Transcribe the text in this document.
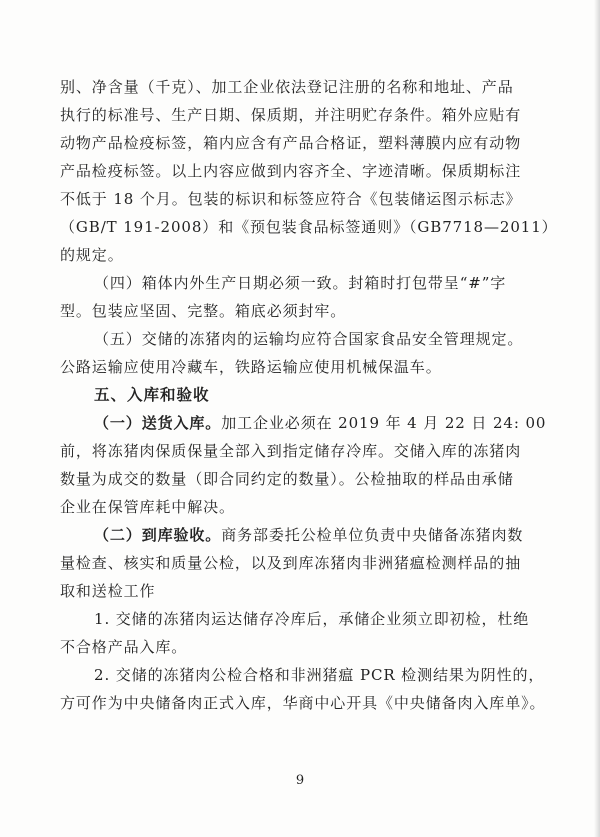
别、净含量（千克）、加工企业依法登记注册的名称和地址、产品
执行的标准号、生产日期、保质期，并注明贮存条件。箱外应贴有
动物产品检疫标签，箱内应含有产品合格证，塑料薄膜内应有动物
产品检疫标签。以上内容应做到内容齐全、字迹清晰。保质期标注
不低于 18 个月。包装的标识和标签应符合《包装储运图示标志》
（GB/T 191-2008）和《预包装食品标签通则》（GB7718—2011）
的规定。

（四）箱体内外生产日期必须一致。封箱时打包带呈“#”字
型。包装应坚固、完整。箱底必须封牢。

（五）交储的冻猪肉的运输均应符合国家食品安全管理规定。
公路运输应使用冷藏车，铁路运输应使用机械保温车。

五、入库和验收

（一）送货入库。加工企业必须在 2019 年 4 月 22 日 24: 00
前，将冻猪肉保质保量全部入到指定储存冷库。交储入库的冻猪肉
数量为成交的数量（即合同约定的数量）。公检抽取的样品由承储
企业在保管库耗中解决。

（二）到库验收。商务部委托公检单位负责中央储备冻猪肉数
量检查、核实和质量公检，以及到库冻猪肉非洲猪瘟检测样品的抽
取和送检工作

1. 交储的冻猪肉运达储存冷库后，承储企业须立即初检，杜绝
不合格产品入库。

2. 交储的冻猪肉公检合格和非洲猪瘟 PCR 检测结果为阴性的，
方可作为中央储备肉正式入库，华商中心开具《中央储备肉入库单》。

9
